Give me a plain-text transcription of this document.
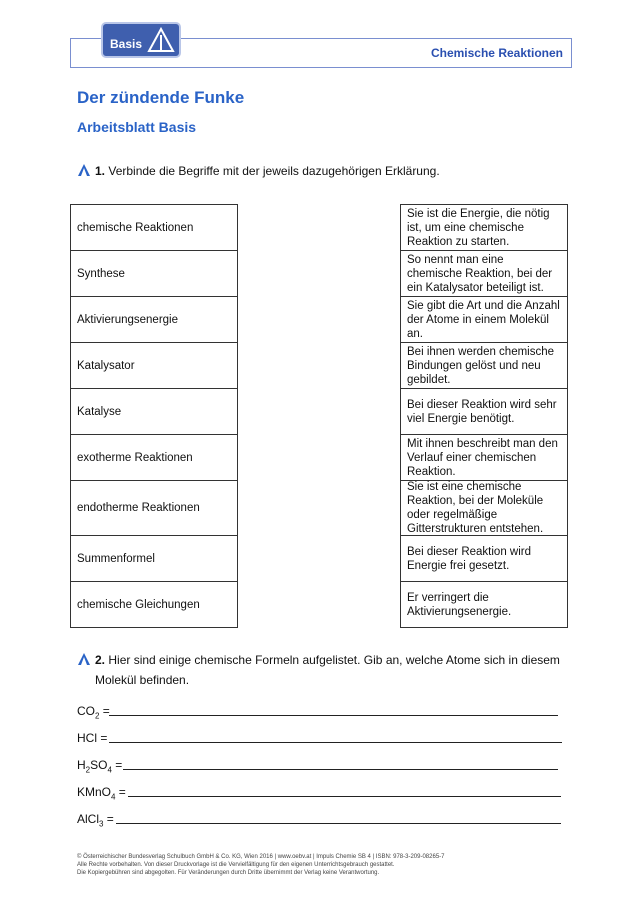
Chemische Reaktionen
Basis
Der zündende Funke
Arbeitsblatt Basis
1. Verbinde die Begriffe mit der jeweils dazugehörigen Erklärung.
chemische Reaktionen
Synthese
Aktivierungsenergie
Katalysator
Katalyse
exotherme Reaktionen
endotherme Reaktionen
Summenformel
chemische Gleichungen
Sie ist die Energie, die nötig ist, um eine chemische Reaktion zu starten.
So nennt man eine chemische Reaktion, bei der ein Katalysator beteiligt ist.
Sie gibt die Art und die Anzahl der Atome in einem Molekül an.
Bei ihnen werden chemische Bindungen gelöst und neu gebildet.
Bei dieser Reaktion wird sehr viel Energie benötigt.
Mit ihnen beschreibt man den Verlauf einer chemischen Reaktion.
Sie ist eine chemische Reaktion, bei der Moleküle oder regelmäßige Gitterstrukturen entstehen.
Bei dieser Reaktion wird Energie frei gesetzt.
Er verringert die Aktivierungsenergie.
2. Hier sind einige chemische Formeln aufgelistet. Gib an, welche Atome sich in diesem
Molekül befinden.
$CO_2$ =
HCl =
$H_2SO_4$ =
KMnO$_4$ =
AlCl$_3$ =
© Österreichischer Bundesverlag Schulbuch GmbH & Co. KG, Wien 2016 | www.oebv.at | Impuls Chemie SB 4 | ISBN: 978-3-209-08265-7
Alle Rechte vorbehalten. Von dieser Druckvorlage ist die Vervielfältigung für den eigenen Unterrichtsgebrauch gestattet.
Die Kopiergebühren sind abgegolten. Für Veränderungen durch Dritte übernimmt der Verlag keine Verantwortung.
